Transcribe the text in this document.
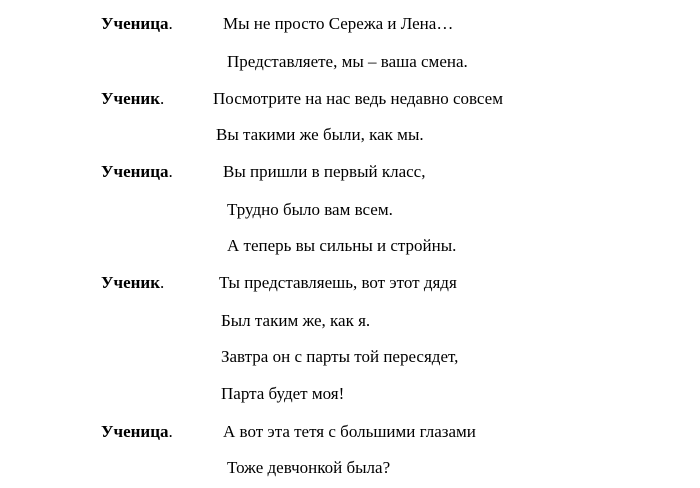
Ученица.	Мы не просто Сережа и Лена…
Представляете, мы – ваша смена.
Ученик.	Посмотрите на нас ведь недавно совсем
Вы такими же были, как мы.
Ученица.	Вы пришли в первый класс,
Трудно было вам всем.
А теперь вы сильны и стройны.
Ученик.	Ты представляешь, вот этот дядя
Был таким же, как я.
Завтра он с парты той пересядет,
Парта будет моя!
Ученица.	А вот эта тетя с большими глазами
Тоже девчонкой была?
